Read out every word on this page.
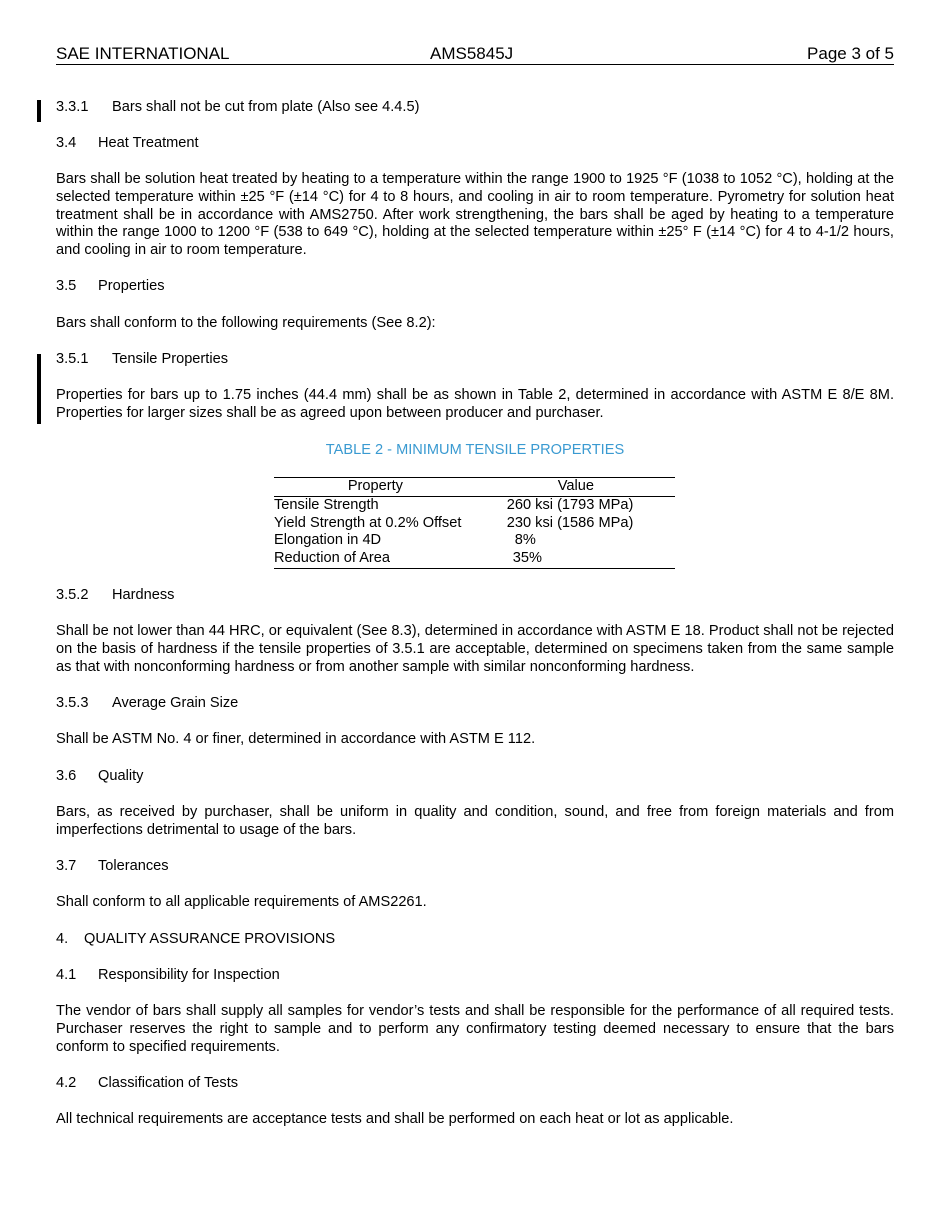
SAE INTERNATIONAL	AMS5845J	Page 3 of 5
3.3.1 Bars shall not be cut from plate (Also see 4.4.5)
3.4 Heat Treatment
Bars shall be solution heat treated by heating to a temperature within the range 1900 to 1925 °F (1038 to 1052 °C), holding at the selected temperature within ±25 °F (±14 °C) for 4 to 8 hours, and cooling in air to room temperature. Pyrometry for solution heat treatment shall be in accordance with AMS2750. After work strengthening, the bars shall be aged by heating to a temperature within the range 1000 to 1200 °F (538 to 649 °C), holding at the selected temperature within ±25° F (±14 °C) for 4 to 4-1/2 hours, and cooling in air to room temperature.
3.5 Properties
Bars shall conform to the following requirements (See 8.2):
3.5.1 Tensile Properties
Properties for bars up to 1.75 inches (44.4 mm) shall be as shown in Table 2, determined in accordance with ASTM E 8/E 8M. Properties for larger sizes shall be as agreed upon between producer and purchaser.
TABLE 2 - MINIMUM TENSILE PROPERTIES
Property	Value
Tensile Strength	260 ksi (1793 MPa)
Yield Strength at 0.2% Offset	230 ksi (1586 MPa)
Elongation in 4D	8%
Reduction of Area	35%
3.5.2 Hardness
Shall be not lower than 44 HRC, or equivalent (See 8.3), determined in accordance with ASTM E 18. Product shall not be rejected on the basis of hardness if the tensile properties of 3.5.1 are acceptable, determined on specimens taken from the same sample as that with nonconforming hardness or from another sample with similar nonconforming hardness.
3.5.3 Average Grain Size
Shall be ASTM No. 4 or finer, determined in accordance with ASTM E 112.
3.6 Quality
Bars, as received by purchaser, shall be uniform in quality and condition, sound, and free from foreign materials and from imperfections detrimental to usage of the bars.
3.7 Tolerances
Shall conform to all applicable requirements of AMS2261.
4. QUALITY ASSURANCE PROVISIONS
4.1 Responsibility for Inspection
The vendor of bars shall supply all samples for vendor’s tests and shall be responsible for the performance of all required tests. Purchaser reserves the right to sample and to perform any confirmatory testing deemed necessary to ensure that the bars conform to specified requirements.
4.2 Classification of Tests
All technical requirements are acceptance tests and shall be performed on each heat or lot as applicable.
